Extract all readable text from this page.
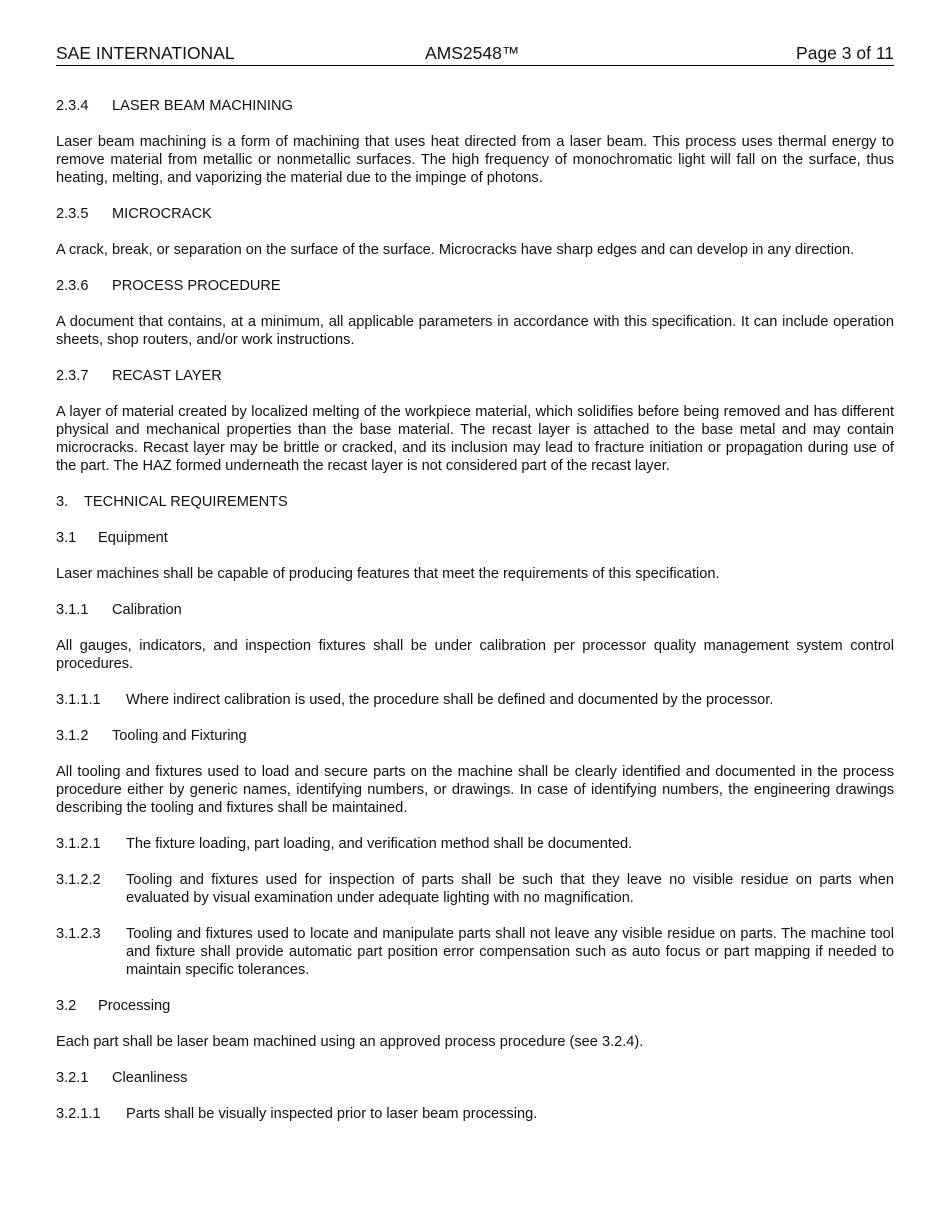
SAE INTERNATIONAL	AMS2548™	Page 3 of 11
2.3.4 LASER BEAM MACHINING

Laser beam machining is a form of machining that uses heat directed from a laser beam. This process uses thermal energy to remove material from metallic or nonmetallic surfaces. The high frequency of monochromatic light will fall on the surface, thus heating, melting, and vaporizing the material due to the impinge of photons.

2.3.5 MICROCRACK

A crack, break, or separation on the surface of the surface. Microcracks have sharp edges and can develop in any direction.

2.3.6 PROCESS PROCEDURE

A document that contains, at a minimum, all applicable parameters in accordance with this specification. It can include operation sheets, shop routers, and/or work instructions.

2.3.7 RECAST LAYER

A layer of material created by localized melting of the workpiece material, which solidifies before being removed and has different physical and mechanical properties than the base material. The recast layer is attached to the base metal and may contain microcracks. Recast layer may be brittle or cracked, and its inclusion may lead to fracture initiation or propagation during use of the part. The HAZ formed underneath the recast layer is not considered part of the recast layer.

3. TECHNICAL REQUIREMENTS
3.1 Equipment

Laser machines shall be capable of producing features that meet the requirements of this specification.

3.1.1 Calibration

All gauges, indicators, and inspection fixtures shall be under calibration per processor quality management system control procedures.

3.1.1.1	Where indirect calibration is used, the procedure shall be defined and documented by the processor.
3.1.2 Tooling and Fixturing

All tooling and fixtures used to load and secure parts on the machine shall be clearly identified and documented in the process procedure either by generic names, identifying numbers, or drawings. In case of identifying numbers, the engineering drawings describing the tooling and fixtures shall be maintained.

3.1.2.1	The fixture loading, part loading, and verification method shall be documented.
3.1.2.2	Tooling and fixtures used for inspection of parts shall be such that they leave no visible residue on parts when evaluated by visual examination under adequate lighting with no magnification.
3.1.2.3	Tooling and fixtures used to locate and manipulate parts shall not leave any visible residue on parts. The machine tool and fixture shall provide automatic part position error compensation such as auto focus or part mapping if needed to maintain specific tolerances.
3.2 Processing

Each part shall be laser beam machined using an approved process procedure (see 3.2.4).

3.2.1 Cleanliness
3.2.1.1	Parts shall be visually inspected prior to laser beam processing.
